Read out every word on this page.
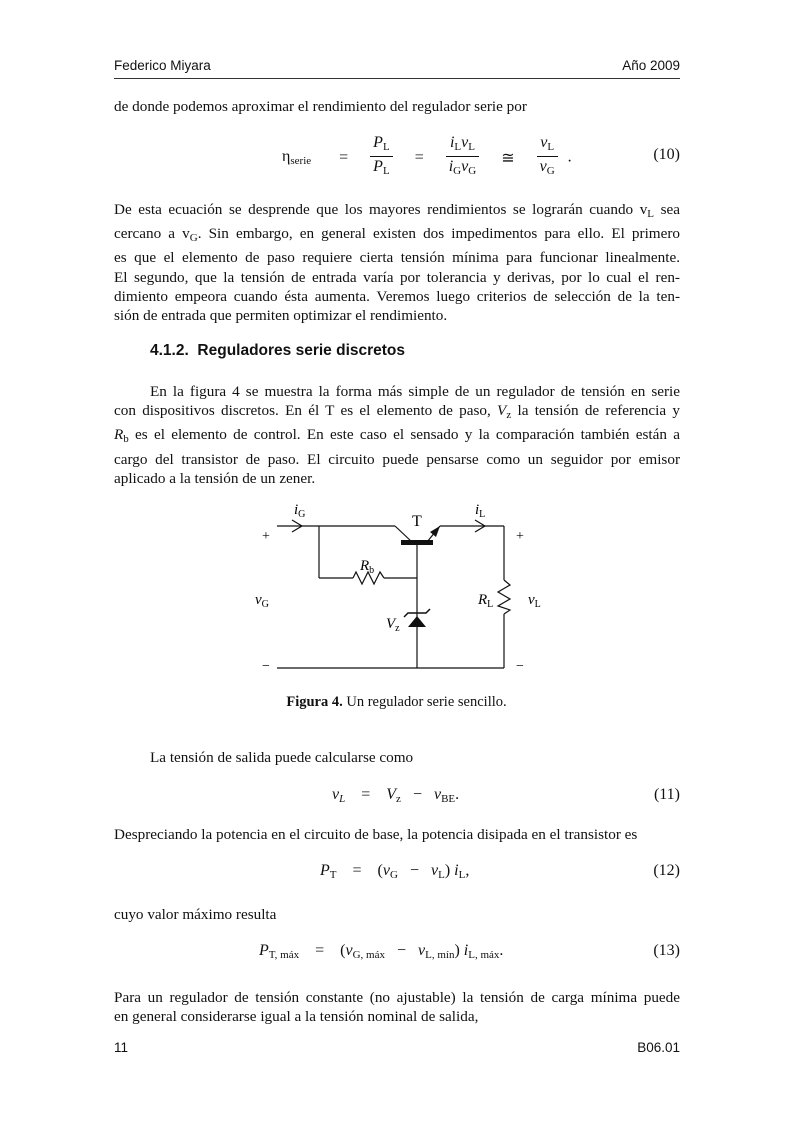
Federico Miyara	Año 2009
de donde podemos aproximar el rendimiento del regulador serie por
$\eta_{serie} = \frac{P_L}{P_L} = \frac{i_Lv_L}{i_Gv_G}$ ≅ $\frac{v_L}{v_G}$ .	(10)
De esta ecuación se desprende que los mayores rendimientos se lograrán cuando $v_L$ sea
cercano a $v_G$. Sin embargo, en general existen dos impedimentos para ello. El primero
es que el elemento de paso requiere cierta tensión mínima para funcionar linealmente.
El segundo, que la tensión de entrada varía por tolerancia y derivas, por lo cual el ren-
dimiento empeora cuando ésta aumenta. Veremos luego criterios de selección de la ten-
sión de entrada que permiten optimizar el rendimiento.
4.1.2. Reguladores serie discretos
En la figura 4 se muestra la forma más simple de un regulador de tensión en serie
con dispositivos discretos. En él T es el elemento de paso, $V_z$ la tensión de referencia y
$R_b$ es el elemento de control. En este caso el sensado y la comparación también están a
cargo del transistor de paso. El circuito puede pensarse como un seguidor por emisor
aplicado a la tensión de un zener.
$i_G$	$i_L$
T
$R_b$
$R_L$
$v_G$	$v_L$
$V_z$
+	+
−	−
Figura 4. Un regulador serie sencillo.
La tensión de salida puede calcularse como
$v_L = V_z - v_{BE}$.	(11)
Despreciando la potencia en el circuito de base, la potencia disipada en el transistor es
$P_T = (v_G - v_L)$ $i_L$,	(12)
cuyo valor máximo resulta
$P_{T, máx} = (v_{G, máx} - v_{L, mín})$ $i_{L, máx}$.	(13)
Para un regulador de tensión constante (no ajustable) la tensión de carga mínima puede
en general considerarse igual a la tensión nominal de salida,
11	B06.01
